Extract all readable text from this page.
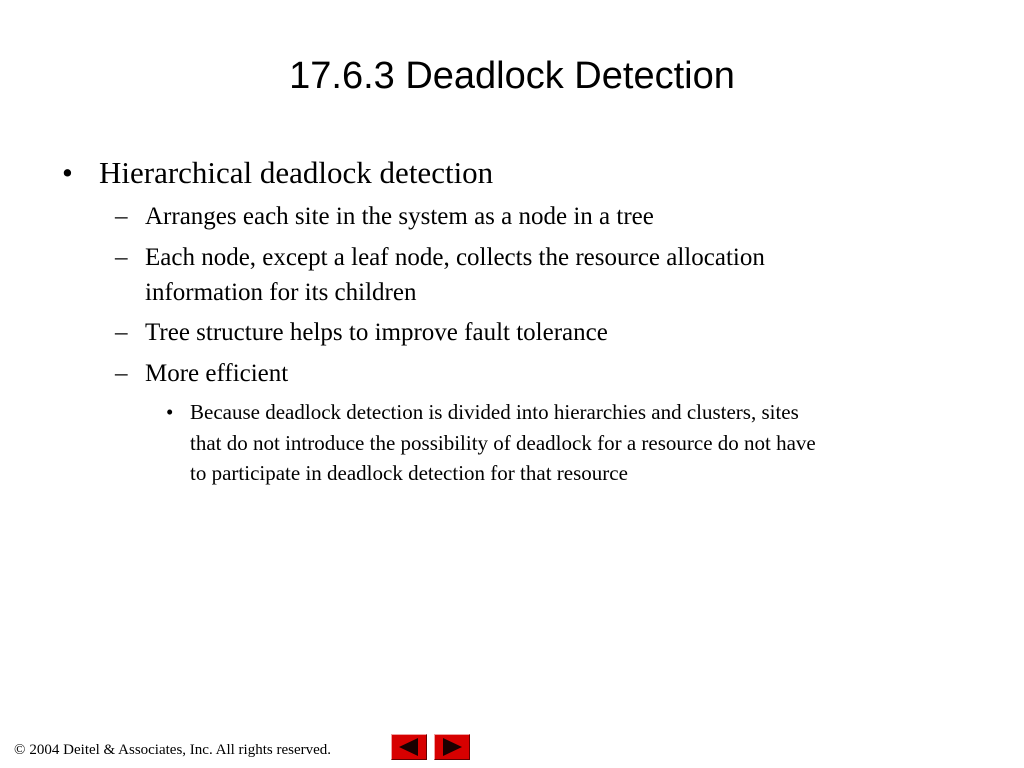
17.6.3 Deadlock Detection
• Hierarchical deadlock detection
– Arranges each site in the system as a node in a tree
– Each node, except a leaf node, collects the resource allocation
information for its children
– Tree structure helps to improve fault tolerance
– More efficient
• Because deadlock detection is divided into hierarchies and clusters, sites
that do not introduce the possibility of deadlock for a resource do not have
to participate in deadlock detection for that resource
© 2004 Deitel & Associates, Inc. All rights reserved.
